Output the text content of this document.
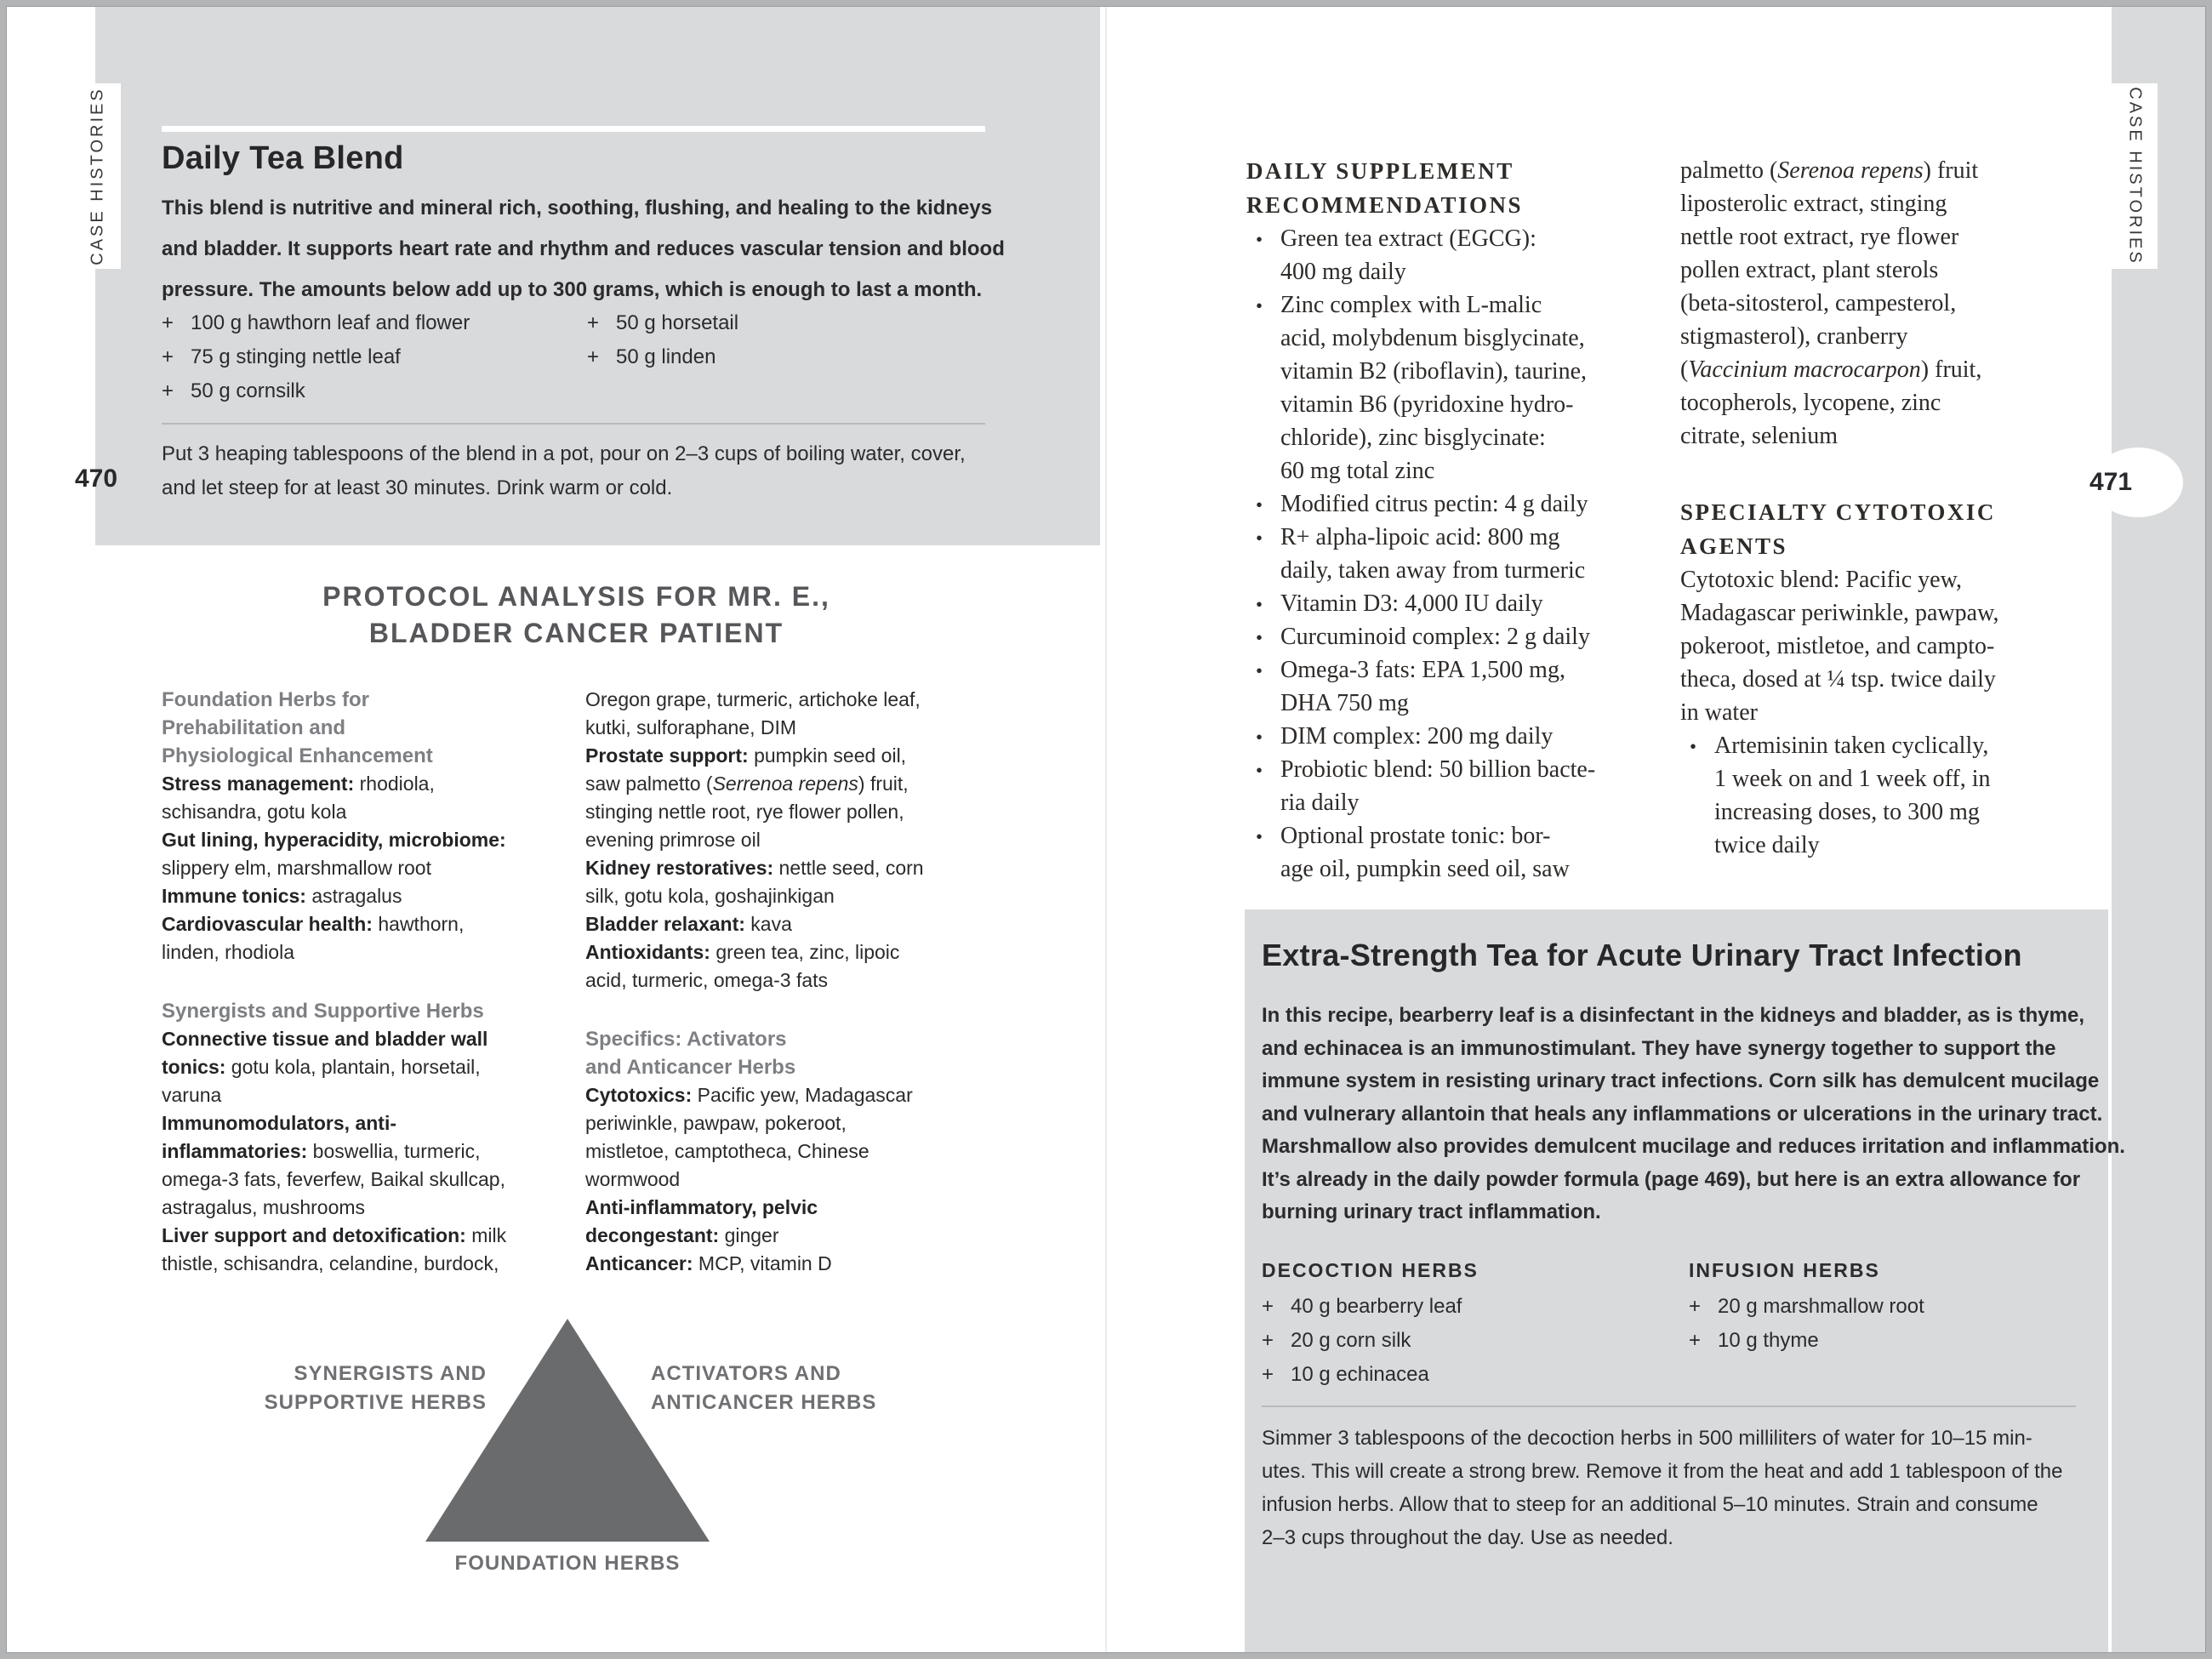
Daily Tea Blend
This blend is nutritive and mineral rich, soothing, flushing, and healing to the kidneys
and bladder. It supports heart rate and rhythm and reduces vascular tension and blood
pressure. The amounts below add up to 300 grams, which is enough to last a month.
+ 100 g hawthorn leaf and flower
+ 75 g stinging nettle leaf
+ 50 g cornsilk
+ 50 g horsetail
+ 50 g linden
Put 3 heaping tablespoons of the blend in a pot, pour on 2–3 cups of boiling water, cover,
and let steep for at least 30 minutes. Drink warm or cold.
CASE HISTORIES
470
PROTOCOL ANALYSIS FOR MR. E.,
BLADDER CANCER PATIENT
Foundation Herbs for
Prehabilitation and
Physiological Enhancement
Stress management: rhodiola,
schisandra, gotu kola
Gut lining, hyperacidity, microbiome:
slippery elm, marshmallow root
Immune tonics: astragalus
Cardiovascular health: hawthorn,
linden, rhodiola
Synergists and Supportive Herbs
Connective tissue and bladder wall
tonics: gotu kola, plantain, horsetail,
varuna
Immunomodulators, anti-
inflammatories: boswellia, turmeric,
omega-3 fats, feverfew, Baikal skullcap,
astragalus, mushrooms
Liver support and detoxification: milk
thistle, schisandra, celandine, burdock,
Oregon grape, turmeric, artichoke leaf,
kutki, sulforaphane, DIM
Prostate support: pumpkin seed oil,
saw palmetto (Serrenoa repens) fruit,
stinging nettle root, rye flower pollen,
evening primrose oil
Kidney restoratives: nettle seed, corn
silk, gotu kola, goshajinkigan
Bladder relaxant: kava
Antioxidants: green tea, zinc, lipoic
acid, turmeric, omega-3 fats
Specifics: Activators
and Anticancer Herbs
Cytotoxics: Pacific yew, Madagascar
periwinkle, pawpaw, pokeroot,
mistletoe, camptotheca, Chinese
wormwood
Anti-inflammatory, pelvic
decongestant: ginger
Anticancer: MCP, vitamin D
SYNERGISTS AND
SUPPORTIVE HERBS
ACTIVATORS AND
ANTICANCER HERBS
FOUNDATION HERBS
CASE HISTORIES
471
DAILY SUPPLEMENT
RECOMMENDATIONS
• Green tea extract (EGCG):
400 mg daily
• Zinc complex with L-malic
acid, molybdenum bisglycinate,
vitamin B2 (riboflavin), taurine,
vitamin B6 (pyridoxine hydro-
chloride), zinc bisglycinate:
60 mg total zinc
• Modified citrus pectin: 4 g daily
• R+ alpha-lipoic acid: 800 mg
daily, taken away from turmeric
• Vitamin D3: 4,000 IU daily
• Curcuminoid complex: 2 g daily
• Omega-3 fats: EPA 1,500 mg,
DHA 750 mg
• DIM complex: 200 mg daily
• Probiotic blend: 50 billion bacte-
ria daily
• Optional prostate tonic: bor-
age oil, pumpkin seed oil, saw
palmetto (Serenoa repens) fruit
liposterolic extract, stinging
nettle root extract, rye flower
pollen extract, plant sterols
(beta-sitosterol, campesterol,
stigmasterol), cranberry
(Vaccinium macrocarpon) fruit,
tocopherols, lycopene, zinc
citrate, selenium
SPECIALTY CYTOTOXIC
AGENTS
Cytotoxic blend: Pacific yew,
Madagascar periwinkle, pawpaw,
pokeroot, mistletoe, and campto-
theca, dosed at ¼ tsp. twice daily
in water
• Artemisinin taken cyclically,
1 week on and 1 week off, in
increasing doses, to 300 mg
twice daily
Extra-Strength Tea for Acute Urinary Tract Infection
In this recipe, bearberry leaf is a disinfectant in the kidneys and bladder, as is thyme,
and echinacea is an immunostimulant. They have synergy together to support the
immune system in resisting urinary tract infections. Corn silk has demulcent mucilage
and vulnerary allantoin that heals any inflammations or ulcerations in the urinary tract.
Marshmallow also provides demulcent mucilage and reduces irritation and inflammation.
It’s already in the daily powder formula (page 469), but here is an extra allowance for
burning urinary tract inflammation.
DECOCTION HERBS	INFUSION HERBS
+ 40 g bearberry leaf
+ 20 g corn silk
+ 10 g echinacea
+ 20 g marshmallow root
+ 10 g thyme
Simmer 3 tablespoons of the decoction herbs in 500 milliliters of water for 10–15 min-
utes. This will create a strong brew. Remove it from the heat and add 1 tablespoon of the
infusion herbs. Allow that to steep for an additional 5–10 minutes. Strain and consume
2–3 cups throughout the day. Use as needed.
